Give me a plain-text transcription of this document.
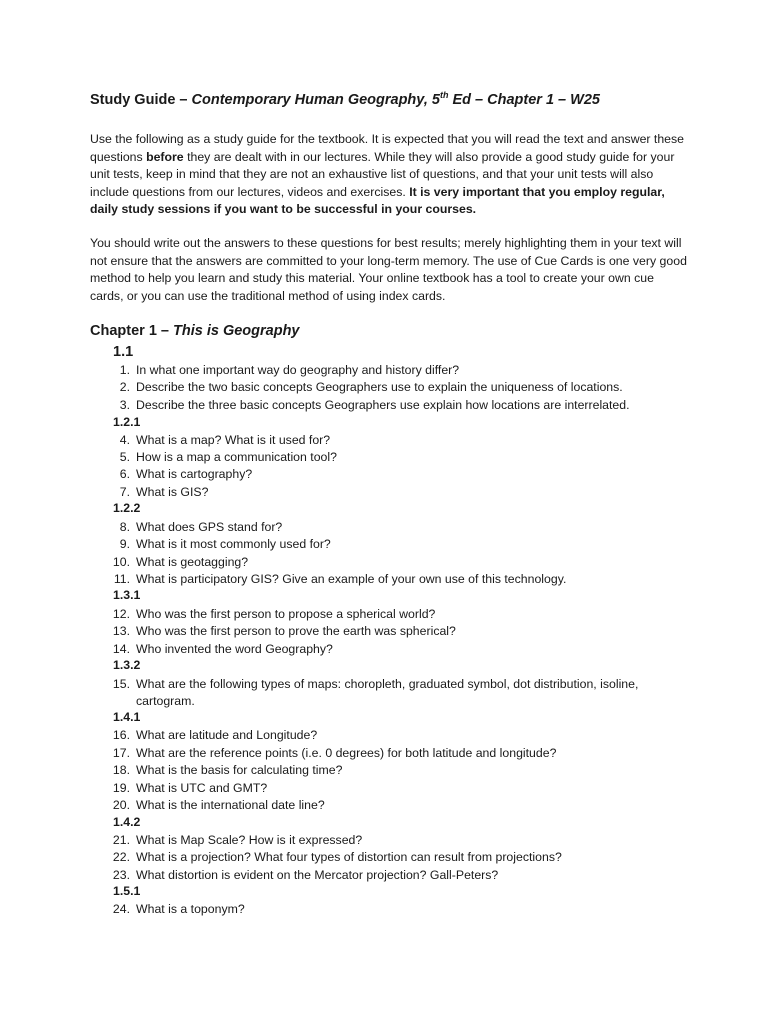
Study Guide – Contemporary Human Geography, 5th Ed – Chapter 1 – W25

Use the following as a study guide for the textbook. It is expected that you will read the text and answer these questions before they are dealt with in our lectures. While they will also provide a good study guide for your unit tests, keep in mind that they are not an exhaustive list of questions, and that your unit tests will also include questions from our lectures, videos and exercises. It is very important that you employ regular, daily study sessions if you want to be successful in your courses.

You should write out the answers to these questions for best results; merely highlighting them in your text will not ensure that the answers are committed to your long-term memory. The use of Cue Cards is one very good method to help you learn and study this material. Your online textbook has a tool to create your own cue cards, or you can use the traditional method of using index cards.

Chapter 1 – This is Geography
1.1
1. In what one important way do geography and history differ?
2. Describe the two basic concepts Geographers use to explain the uniqueness of locations.
3. Describe the three basic concepts Geographers use explain how locations are interrelated.
1.2.1
4. What is a map? What is it used for?
5. How is a map a communication tool?
6. What is cartography?
7. What is GIS?
1.2.2
8. What does GPS stand for?
9. What is it most commonly used for?
10. What is geotagging?
11. What is participatory GIS? Give an example of your own use of this technology.
1.3.1
12. Who was the first person to propose a spherical world?
13. Who was the first person to prove the earth was spherical?
14. Who invented the word Geography?
1.3.2
15. What are the following types of maps: choropleth, graduated symbol, dot distribution, isoline, cartogram.
1.4.1
16. What are latitude and Longitude?
17. What are the reference points (i.e. 0 degrees) for both latitude and longitude?
18. What is the basis for calculating time?
19. What is UTC and GMT?
20. What is the international date line?
1.4.2
21. What is Map Scale? How is it expressed?
22. What is a projection? What four types of distortion can result from projections?
23. What distortion is evident on the Mercator projection? Gall-Peters?
1.5.1
24. What is a toponym?
